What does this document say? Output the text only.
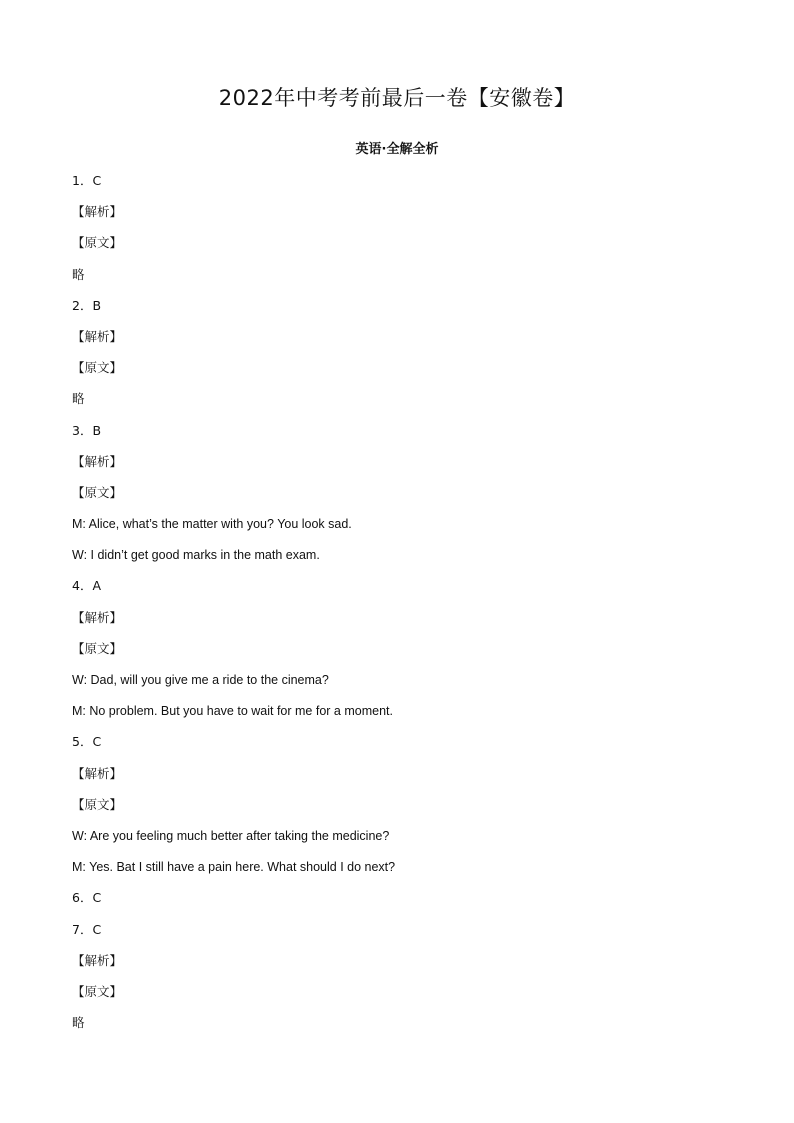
2022年中考考前最后一卷【安徽卷】
英语·全解全析
1．C
【解析】
【原文】
略
2．B
【解析】
【原文】
略
3．B
【解析】
【原文】
M: Alice, what’s the matter with you? You look sad.
W: I didn’t get good marks in the math exam.
4．A
【解析】
【原文】
W: Dad, will you give me a ride to the cinema?
M: No problem. But you have to wait for me for a moment.
5．C
【解析】
【原文】
W: Are you feeling much better after taking the medicine?
M: Yes. Bat I still have a pain here. What should I do next?
6．C
7．C
【解析】
【原文】
略
